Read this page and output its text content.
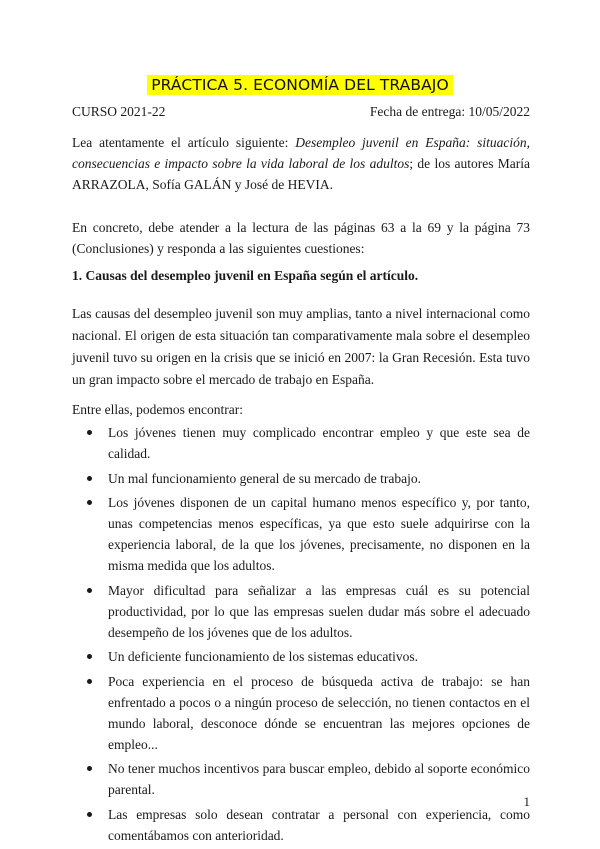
PRÁCTICA 5. ECONOMÍA DEL TRABAJO
CURSO 2021-22	Fecha de entrega: 10/05/2022

Lea atentamente el artículo siguiente: Desempleo juvenil en España: situación, consecuencias e impacto sobre la vida laboral de los adultos; de los autores María ARRAZOLA, Sofía GALÁN y José de HEVIA.

En concreto, debe atender a la lectura de las páginas 63 a la 69 y la página 73 (Conclusiones) y responda a las siguientes cuestiones:

1. Causas del desempleo juvenil en España según el artículo.

Las causas del desempleo juvenil son muy amplias, tanto a nivel internacional como nacional. El origen de esta situación tan comparativamente mala sobre el desempleo juvenil tuvo su origen en la crisis que se inició en 2007: la Gran Recesión. Esta tuvo un gran impacto sobre el mercado de trabajo en España.

Entre ellas, podemos encontrar:

Los jóvenes tienen muy complicado encontrar empleo y que este sea de calidad.
Un mal funcionamiento general de su mercado de trabajo.
Los jóvenes disponen de un capital humano menos específico y, por tanto, unas competencias menos específicas, ya que esto suele adquirirse con la experiencia laboral, de la que los jóvenes, precisamente, no disponen en la misma medida que los adultos.
Mayor dificultad para señalizar a las empresas cuál es su potencial productividad, por lo que las empresas suelen dudar más sobre el adecuado desempeño de los jóvenes que de los adultos.
Un deficiente funcionamiento de los sistemas educativos.
Poca experiencia en el proceso de búsqueda activa de trabajo: se han enfrentado a pocos o a ningún proceso de selección, no tienen contactos en el mundo laboral, desconoce dónde se encuentran las mejores opciones de empleo...
No tener muchos incentivos para buscar empleo, debido al soporte económico parental.
Las empresas solo desean contratar a personal con experiencia, como comentábamos con anterioridad.
1
